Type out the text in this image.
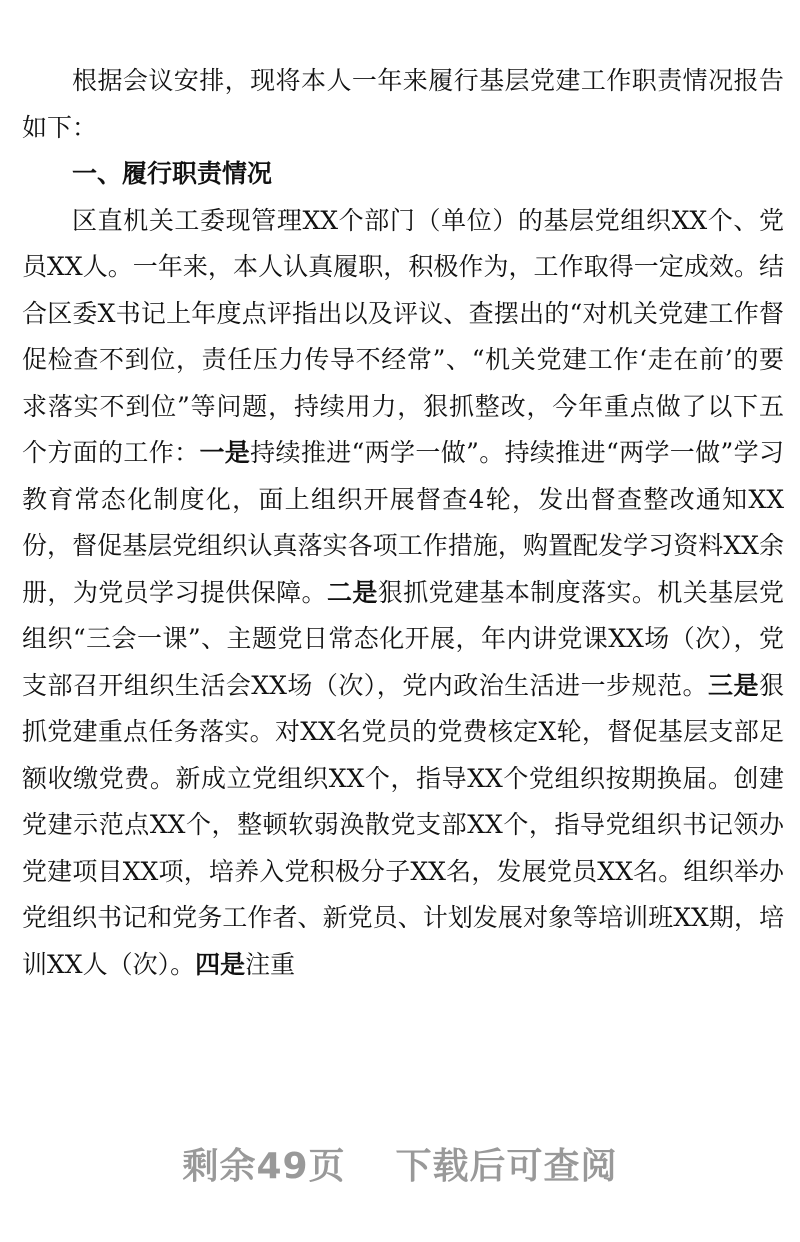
根据会议安排，现将本人一年来履行基层党建工作职责情况报告如下：

一、履行职责情况

区直机关工委现管理XX个部门（单位）的基层党组织XX个、党员XX人。一年来，本人认真履职，积极作为，工作取得一定成效。结合区委X书记上年度点评指出以及评议、查摆出的“对机关党建工作督促检查不到位，责任压力传导不经常”、“机关党建工作‘走在前’的要求落实不到位”等问题，持续用力，狠抓整改，今年重点做了以下五个方面的工作：一是持续推进“两学一做”。持续推进“两学一做”学习教育常态化制度化，面上组织开展督查4轮，发出督查整改通知XX份，督促基层党组织认真落实各项工作措施，购置配发学习资料XX余册，为党员学习提供保障。二是狠抓党建基本制度落实。机关基层党组织“三会一课”、主题党日常态化开展，年内讲党课XX场（次），党支部召开组织生活会XX场（次），党内政治生活进一步规范。三是狠抓党建重点任务落实。对XX名党员的党费核定X轮，督促基层支部足额收缴党费。新成立党组织XX个，指导XX个党组织按期换届。创建党建示范点XX个，整顿软弱涣散党支部XX个，指导党组织书记领办党建项目XX项，培养入党积极分子XX名，发展党员XX名。组织举办党组织书记和党务工作者、新党员、计划发展对象等培训班XX期，培训XX人（次）。四是注重

剩余49页 下载后可查阅
